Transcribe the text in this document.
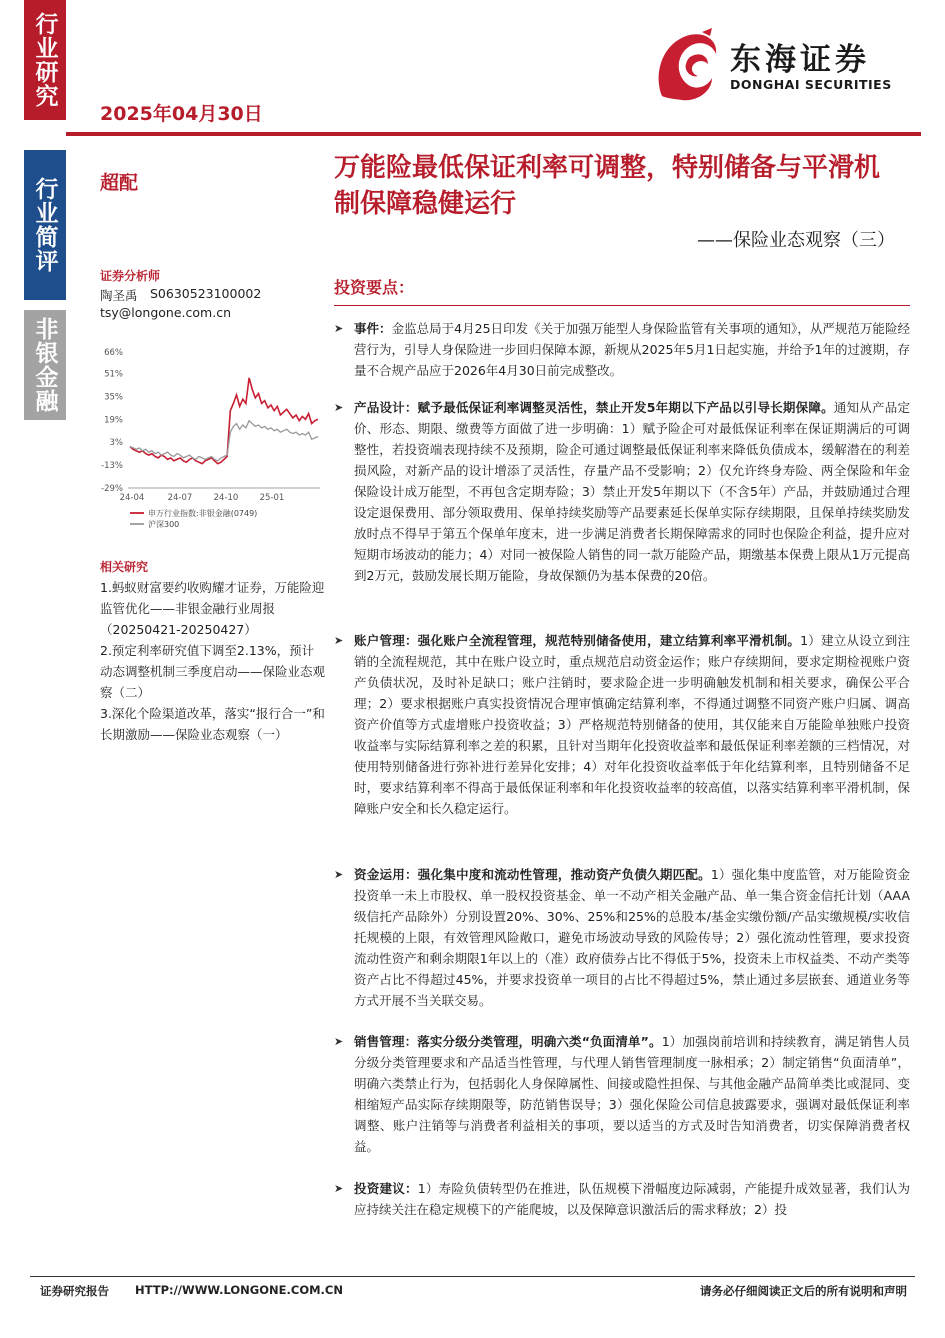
行业研究
行业简评
非银金融
2025年04月30日
东海证券
DONGHAI SECURITIES
超配	万能险最低保证利率可调整，特别储备与平滑机制保障稳健运行
——保险业态观察（三）
证券分析师
陶圣禹 S0630523100002
tsy@longone.com.cn
66%
51%
35%
19%
3%
-13%
-29%
24-04	24-07	24-10	25-01
申万行业指数:非银金融(0749)
沪深300
相关研究
1.蚂蚁财富要约收购耀才证券，万能险迎监管优化——非银金融行业周报（20250421-20250427）
2.预定利率研究值下调至2.13%，预计动态调整机制三季度启动——保险业态观察（二）
3.深化个险渠道改革，落实“报行合一”和长期激励——保险业态观察（一）
投资要点：
➤ 事件：金监总局于4月25日印发《关于加强万能型人身保险监管有关事项的通知》，从严规范万能险经营行为，引导人身保险进一步回归保障本源，新规从2025年5月1日起实施，并给予1年的过渡期，存量不合规产品应于2026年4月30日前完成整改。
➤ 产品设计：赋予最低保证利率调整灵活性，禁止开发5年期以下产品以引导长期保障。通知从产品定价、形态、期限、缴费等方面做了进一步明确：1）赋予险企可对最低保证利率在保证期满后的可调整性，若投资端表现持续不及预期，险企可通过调整最低保证利率来降低负债成本，缓解潜在的利差损风险，对新产品的设计增添了灵活性，存量产品不受影响；2）仅允许终身寿险、两全保险和年金保险设计成万能型，不再包含定期寿险；3）禁止开发5年期以下（不含5年）产品，并鼓励通过合理设定退保费用、部分领取费用、保单持续奖励等产品要素延长保单实际存续期限，且保单持续奖励发放时点不得早于第五个保单年度末，进一步满足消费者长期保障需求的同时也保险企利益，提升应对短期市场波动的能力；4）对同一被保险人销售的同一款万能险产品，期缴基本保费上限从1万元提高到2万元，鼓励发展长期万能险，身故保额仍为基本保费的20倍。
➤ 账户管理：强化账户全流程管理，规范特别储备使用，建立结算利率平滑机制。1）建立从设立到注销的全流程规范，其中在账户设立时，重点规范启动资金运作；账户存续期间，要求定期检视账户资产负债状况，及时补足缺口；账户注销时，要求险企进一步明确触发机制和相关要求，确保公平合理；2）要求根据账户真实投资情况合理审慎确定结算利率，不得通过调整不同资产账户归属、调高资产价值等方式虚增账户投资收益；3）严格规范特别储备的使用，其仅能来自万能险单独账户投资收益率与实际结算利率之差的积累，且针对当期年化投资收益率和最低保证利率差额的三档情况，对使用特别储备进行弥补进行差异化安排；4）对年化投资收益率低于年化结算利率，且特别储备不足时，要求结算利率不得高于最低保证利率和年化投资收益率的较高值，以落实结算利率平滑机制，保障账户安全和长久稳定运行。
➤ 资金运用：强化集中度和流动性管理，推动资产负债久期匹配。1）强化集中度监管，对万能险资金投资单一未上市股权、单一股权投资基金、单一不动产相关金融产品、单一集合资金信托计划（AAA级信托产品除外）分别设置20%、30%、25%和25%的总股本/基金实缴份额/产品实缴规模/实收信托规模的上限，有效管理风险敞口，避免市场波动导致的风险传导；2）强化流动性管理，要求投资流动性资产和剩余期限1年以上的（准）政府债券占比不得低于5%，投资未上市权益类、不动产类等资产占比不得超过45%，并要求投资单一项目的占比不得超过5%，禁止通过多层嵌套、通道业务等方式开展不当关联交易。
➤ 销售管理：落实分级分类管理，明确六类“负面清单”。1）加强岗前培训和持续教育，满足销售人员分级分类管理要求和产品适当性管理，与代理人销售管理制度一脉相承；2）制定销售“负面清单”，明确六类禁止行为，包括弱化人身保障属性、间接或隐性担保、与其他金融产品简单类比或混同、变相缩短产品实际存续期限等，防范销售误导；3）强化保险公司信息披露要求，强调对最低保证利率调整、账户注销等与消费者利益相关的事项，要以适当的方式及时告知消费者，切实保障消费者权益。
➤ 投资建议：1）寿险负债转型仍在推进，队伍规模下滑幅度边际减弱，产能提升成效显著，我们认为应持续关注在稳定规模下的产能爬坡，以及保障意识激活后的需求释放；2）投
证券研究报告 HTTP://WWW.LONGONE.COM.CN	请务必仔细阅读正文后的所有说明和声明
